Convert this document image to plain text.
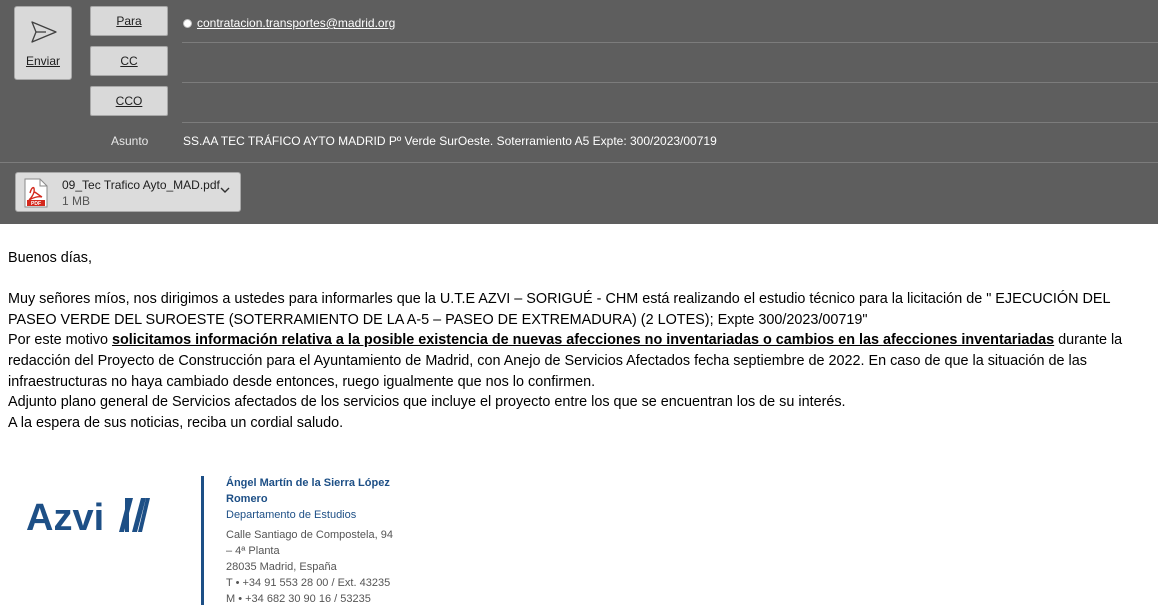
Enviar
Para
CC
CCO
contratacion.transportes@madrid.org
Asunto	SS.AA TEC TRÁFICO AYTO MADRID Pº Verde SurOeste. Soterramiento A5 Expte: 300/2023/00719
PDF
09_Tec Trafico Ayto_MAD.pdf
1 MB

Buenos días,

Muy señores míos, nos dirigimos a ustedes para informarles que la U.T.E AZVI – SORIGUÉ - CHM está realizando el estudio técnico para la licitación de " EJECUCIÓN DEL PASEO VERDE DEL SUROESTE (SOTERRAMIENTO DE LA A-5 – PASEO DE EXTREMADURA) (2 LOTES); Expte 300/2023/00719"

Por este motivo solicitamos información relativa a la posible existencia de nuevas afecciones no inventariadas o cambios en las afecciones inventariadas durante la redacción del Proyecto de Construcción para el Ayuntamiento de Madrid, con Anejo de Servicios Afectados fecha septiembre de 2022. En caso de que la situación de las infraestructuras no haya cambiado desde entonces, ruego igualmente que nos lo confirmen.

Adjunto plano general de Servicios afectados de los servicios que incluye el proyecto entre los que se encuentran los de su interés.

A la espera de sus noticias, reciba un cordial saludo.

Azvi
Ángel Martín de la Sierra López Romero
Departamento de Estudios
Calle Santiago de Compostela, 94
– 4ª Planta
28035 Madrid, España
T • +34 91 553 28 00 / Ext. 43235
M • +34 682 30 90 16 / 53235
